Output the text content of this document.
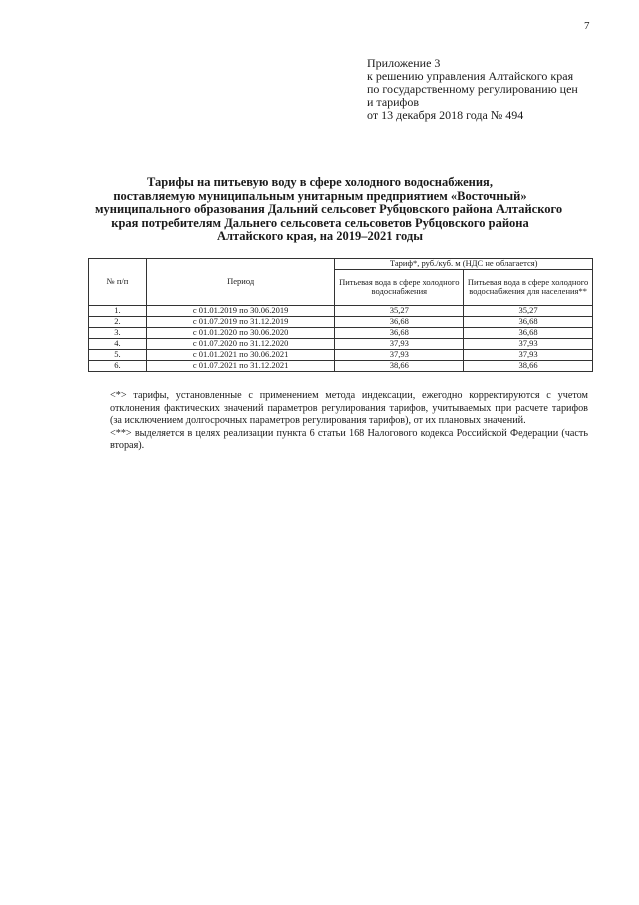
7
Приложение 3
к решению управления Алтайского края
по государственному регулированию цен
и тарифов
от 13 декабря 2018 года № 494
Тарифы на питьевую воду в сфере холодного водоснабжения,
поставляемую муниципальным унитарным предприятием «Восточный»
муниципального образования Дальний сельсовет Рубцовского района Алтайского
края потребителям Дальнего сельсовета сельсоветов Рубцовского района
Алтайского края, на 2019–2021 годы
№ п/п	Период	Тариф*, руб./куб. м (НДС не облагается)	
		Питьевая вода в сфере холодного водоснабжения	Питьевая вода в сфере холодного водоснабжения для населения**
1.	с 01.01.2019 по 30.06.2019	35,27	35,27
2.	с 01.07.2019 по 31.12.2019	36,68	36,68
3.	с 01.01.2020 по 30.06.2020	36,68	36,68
4.	с 01.07.2020 по 31.12.2020	37,93	37,93
5.	с 01.01.2021 по 30.06.2021	37,93	37,93
6.	с 01.07.2021 по 31.12.2021	38,66	38,66

<*> тарифы, установленные с применением метода индексации, ежегодно корректируются с учетом отклонения фактических значений параметров регулирования тарифов, учитываемых при расчете тарифов (за исключением долгосрочных параметров регулирования тарифов), от их плановых значений.

<**> выделяется в целях реализации пункта 6 статьи 168 Налогового кодекса Российской Федерации (часть вторая).
